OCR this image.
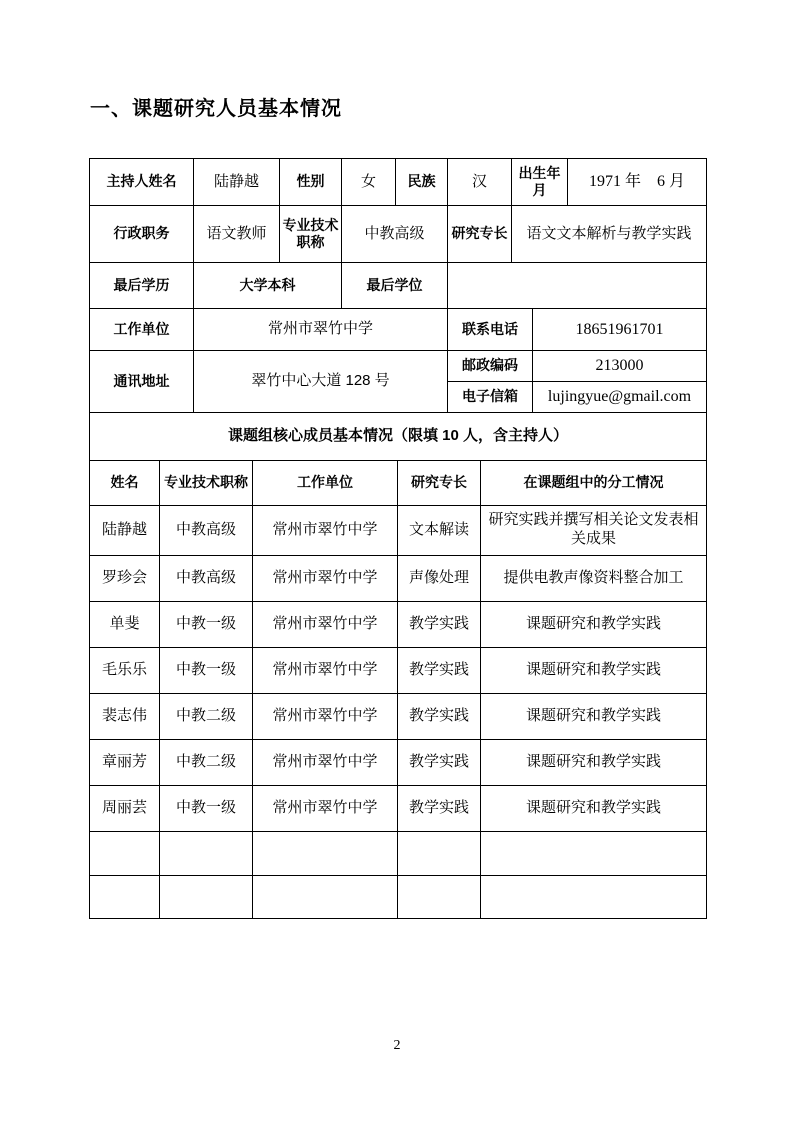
一、课题研究人员基本情况
主持人姓名	陆静越	性别	女	民族	汉	出生年月		1971 年　6 月
行政职务	语文教师	专业技术职称	中教高级		研究专长	语文文本解析与教学实践		
最后学历	大学本科		最后学位					
工作单位	常州市翠竹中学				联系电话		18651961701	
通讯地址	翠竹中心大道 128 号				邮政编码		213000	
					电子信箱		lujingyue@gmail.com	
课题组核心成员基本情况（限填 10 人，含主持人）				
姓名	专业技术职称	工作单位	研究专长	在课题组中的分工情况
陆静越	中教高级	常州市翠竹中学	文本解读	研究实践并撰写相关论文发表相关成果
罗珍会	中教高级	常州市翠竹中学	声像处理	提供电教声像资料整合加工
单斐	中教一级	常州市翠竹中学	教学实践	课题研究和教学实践
毛乐乐	中教一级	常州市翠竹中学	教学实践	课题研究和教学实践
裴志伟	中教二级	常州市翠竹中学	教学实践	课题研究和教学实践
章丽芳	中教二级	常州市翠竹中学	教学实践	课题研究和教学实践
周丽芸	中教一级	常州市翠竹中学	教学实践	课题研究和教学实践

2
